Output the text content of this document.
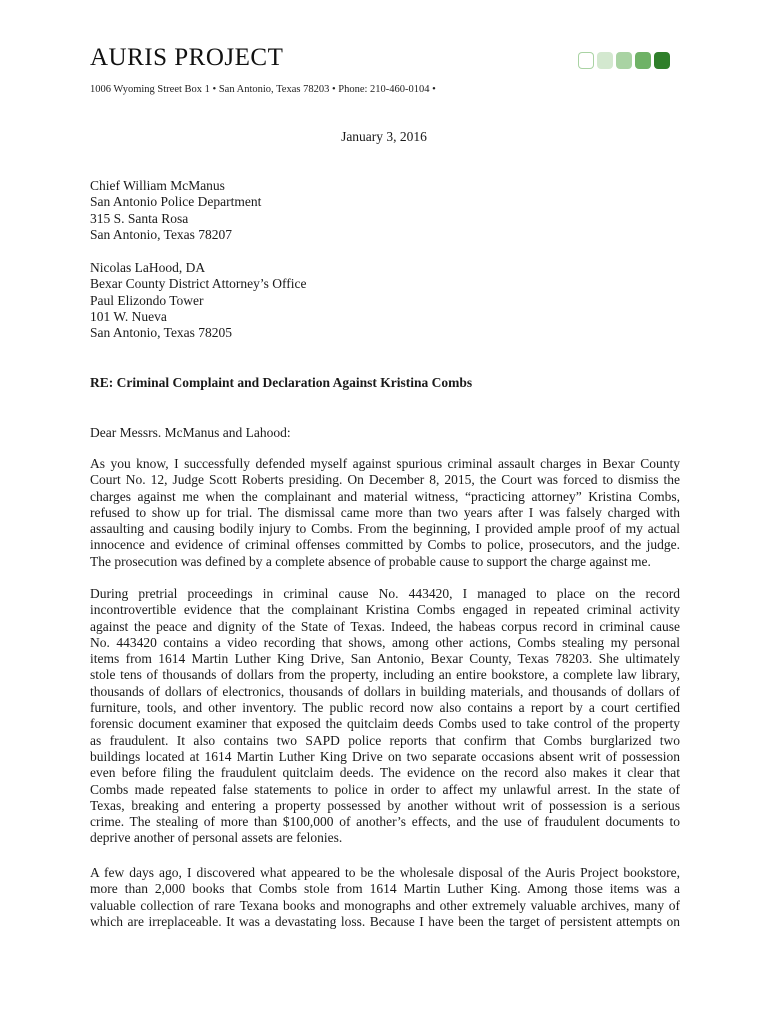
AURIS PROJECT
1006 Wyoming Street Box 1 • San Antonio, Texas 78203 • Phone: 210-460-0104 •
January 3, 2016
Chief William McManus
San Antonio Police Department
315 S. Santa Rosa
San Antonio, Texas 78207
Nicolas LaHood, DA
Bexar County District Attorney’s Office
Paul Elizondo Tower
101 W. Nueva
San Antonio, Texas 78205
RE: Criminal Complaint and Declaration Against Kristina Combs
Dear Messrs. McManus and Lahood:
As you know, I successfully defended myself against spurious criminal assault charges in Bexar County
Court No. 12, Judge Scott Roberts presiding. On December 8, 2015, the Court was forced to dismiss the
charges against me when the complainant and material witness, “practicing attorney” Kristina Combs,
refused to show up for trial. The dismissal came more than two years after I was falsely charged with
assaulting and causing bodily injury to Combs. From the beginning, I provided ample proof of my actual
innocence and evidence of criminal offenses committed by Combs to police, prosecutors, and the judge.
The prosecution was defined by a complete absence of probable cause to support the charge against me.
During pretrial proceedings in criminal cause No. 443420, I managed to place on the record
incontrovertible evidence that the complainant Kristina Combs engaged in repeated criminal activity
against the peace and dignity of the State of Texas. Indeed, the habeas corpus record in criminal cause
No. 443420 contains a video recording that shows, among other actions, Combs stealing my personal
items from 1614 Martin Luther King Drive, San Antonio, Bexar County, Texas 78203. She ultimately
stole tens of thousands of dollars from the property, including an entire bookstore, a complete law library,
thousands of dollars of electronics, thousands of dollars in building materials, and thousands of dollars of
furniture, tools, and other inventory. The public record now also contains a report by a court certified
forensic document examiner that exposed the quitclaim deeds Combs used to take control of the property
as fraudulent. It also contains two SAPD police reports that confirm that Combs burglarized two
buildings located at 1614 Martin Luther King Drive on two separate occasions absent writ of possession
even before filing the fraudulent quitclaim deeds. The evidence on the record also makes it clear that
Combs made repeated false statements to police in order to affect my unlawful arrest. In the state of
Texas, breaking and entering a property possessed by another without writ of possession is a serious
crime. The stealing of more than $100,000 of another’s effects, and the use of fraudulent documents to
deprive another of personal assets are felonies.
A few days ago, I discovered what appeared to be the wholesale disposal of the Auris Project bookstore,
more than 2,000 books that Combs stole from 1614 Martin Luther King. Among those items was a
valuable collection of rare Texana books and monographs and other extremely valuable archives, many of
which are irreplaceable. It was a devastating loss. Because I have been the target of persistent attempts on
